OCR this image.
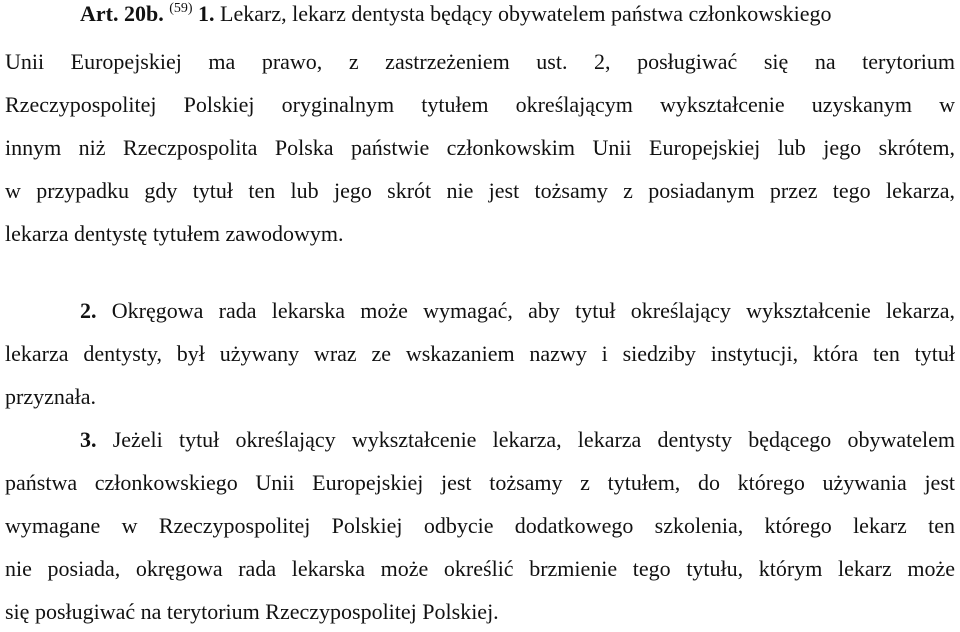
Art. 20b. $^{(59)}$ 1. Lekarz, lekarz dentysta będący obywatelem państwa członkowskiego
Unii Europejskiej ma prawo, z zastrzeżeniem ust. 2, posługiwać się na terytorium
Rzeczypospolitej Polskiej oryginalnym tytułem określającym wykształcenie uzyskanym w
innym niż Rzeczpospolita Polska państwie członkowskim Unii Europejskiej lub jego skrótem,
w przypadku gdy tytuł ten lub jego skrót nie jest tożsamy z posiadanym przez tego lekarza,
lekarza dentystę tytułem zawodowym.
2. Okręgowa rada lekarska może wymagać, aby tytuł określający wykształcenie lekarza,
lekarza dentysty, był używany wraz ze wskazaniem nazwy i siedziby instytucji, która ten tytuł
przyznała.
3. Jeżeli tytuł określający wykształcenie lekarza, lekarza dentysty będącego obywatelem
państwa członkowskiego Unii Europejskiej jest tożsamy z tytułem, do którego używania jest
wymagane w Rzeczypospolitej Polskiej odbycie dodatkowego szkolenia, którego lekarz ten
nie posiada, okręgowa rada lekarska może określić brzmienie tego tytułu, którym lekarz może
się posługiwać na terytorium Rzeczypospolitej Polskiej.
